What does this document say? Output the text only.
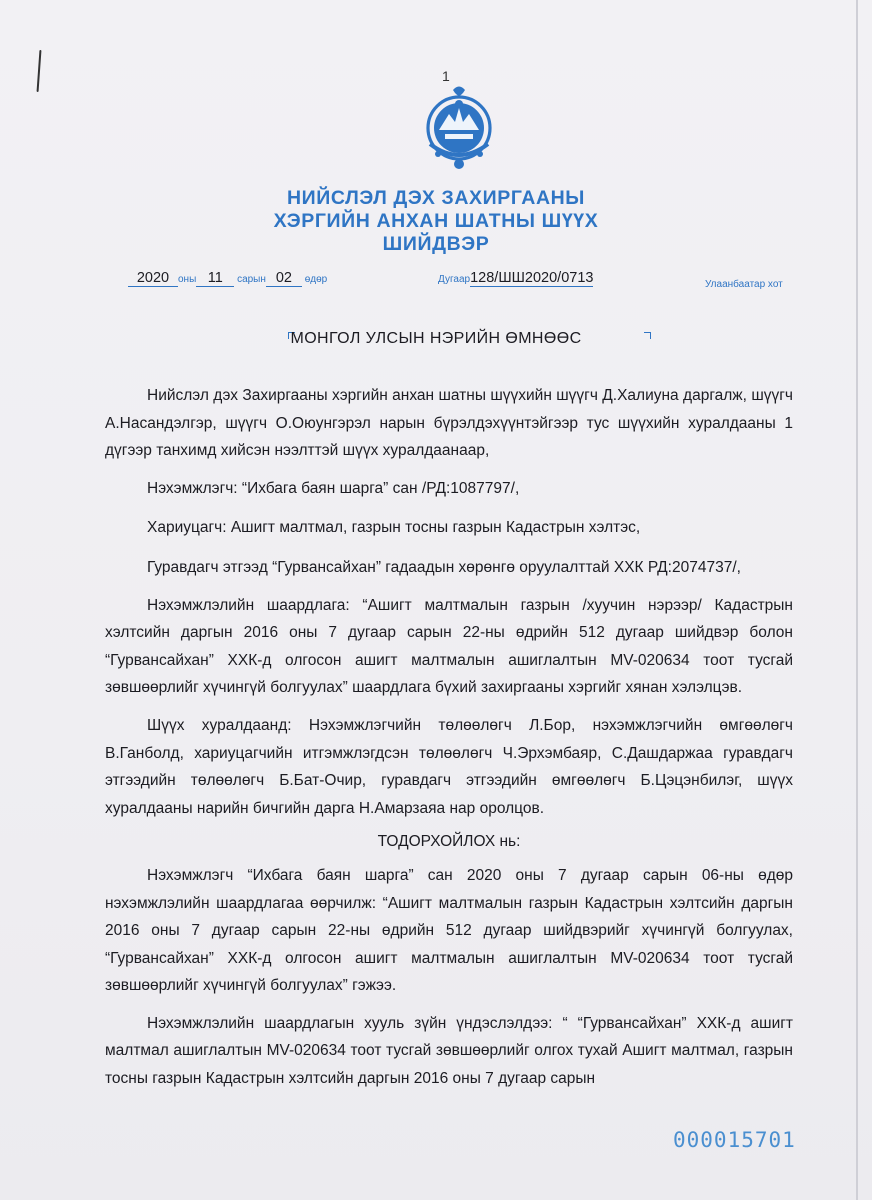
1
НИЙСЛЭЛ ДЭХ ЗАХИРГААНЫ
ХЭРГИЙН АНХАН ШАТНЫ ШҮҮХ
ШИЙДВЭР
2020 оны 11 сарын 02 өдөр	Дугаар128/ШШ2020/0713	Улаанбаатар хот
МОНГОЛ УЛСЫН НЭРИЙН ӨМНӨӨС

Нийслэл дэх Захиргааны хэргийн анхан шатны шүүхийн шүүгч Д.Халиуна даргалж, шүүгч А.Насандэлгэр, шүүгч О.Оюунгэрэл нарын бүрэлдэхүүнтэйгээр тус шүүхийн хуралдааны 1 дүгээр танхимд хийсэн нээлттэй шүүх хуралдаанаар,

Нэхэмжлэгч: “Ихбага баян шарга” сан /РД:1087797/,

Хариуцагч: Ашигт малтмал, газрын тосны газрын Кадастрын хэлтэс,

Гуравдагч этгээд “Гурвансайхан” гадаадын хөрөнгө оруулалттай ХХК РД:2074737/,

Нэхэмжлэлийн шаардлага: “Ашигт малтмалын газрын /хуучин нэрээр/ Кадастрын хэлтсийн даргын 2016 оны 7 дугаар сарын 22-ны өдрийн 512 дугаар шийдвэр болон “Гурвансайхан” ХХК-д олгосон ашигт малтмалын ашиглалтын MV-020634 тоот тусгай зөвшөөрлийг хүчингүй болгуулах” шаардлага бүхий захиргааны хэргийг хянан хэлэлцэв.

Шүүх хуралдаанд: Нэхэмжлэгчийн төлөөлөгч Л.Бор, нэхэмжлэгчийн өмгөөлөгч В.Ганболд, хариуцагчийн итгэмжлэгдсэн төлөөлөгч Ч.Эрхэмбаяр, С.Дашдаржаа гуравдагч этгээдийн төлөөлөгч Б.Бат-Очир, гуравдагч этгээдийн өмгөөлөгч Б.Цэцэнбилэг, шүүх хуралдааны нарийн бичгийн дарга Н.Амарзаяа нар оролцов.

ТОДОРХОЙЛОХ нь:

Нэхэмжлэгч “Ихбага баян шарга” сан 2020 оны 7 дугаар сарын 06-ны өдөр нэхэмжлэлийн шаардлагаа өөрчилж: “Ашигт малтмалын газрын Кадастрын хэлтсийн даргын 2016 оны 7 дугаар сарын 22-ны өдрийн 512 дугаар шийдвэрийг хүчингүй болгуулах, “Гурвансайхан” ХХК-д олгосон ашигт малтмалын ашиглалтын MV-020634 тоот тусгай зөвшөөрлийг хүчингүй болгуулах” гэжээ.

Нэхэмжлэлийн шаардлагын хууль зүйн үндэслэлдээ: “ “Гурвансайхан” ХХК-д ашигт малтмал ашиглалтын MV-020634 тоот тусгай зөвшөөрлийг олгох тухай Ашигт малтмал, газрын тосны газрын Кадастрын хэлтсийн даргын 2016 оны 7 дугаар сарын

000015701
